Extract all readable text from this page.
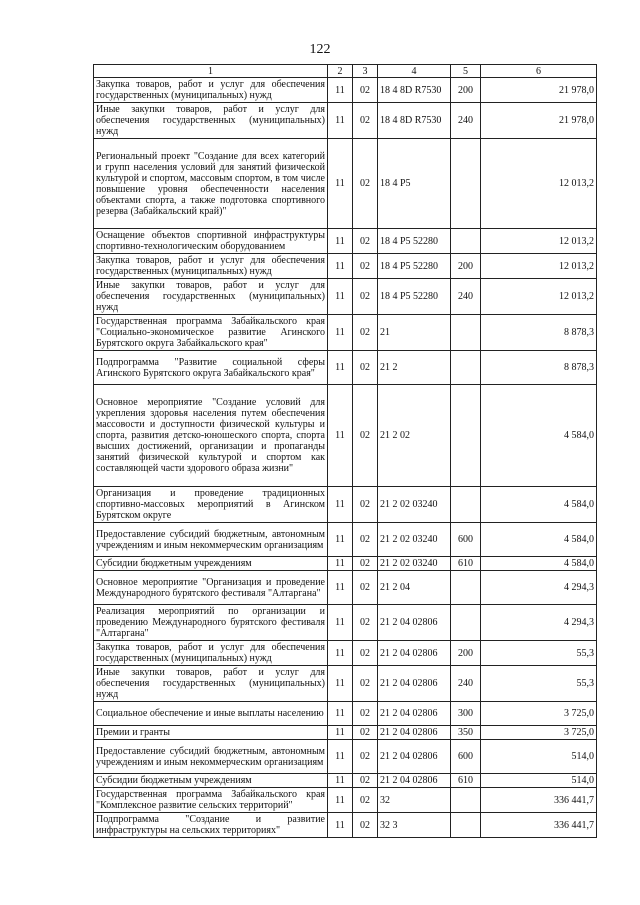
122
1	2	3	4	5	6
Закупка товаров, работ и услуг для обеспечения государственных (муниципальных) нужд	11	02	18 4 8D R7530	200	21 978,0
Иные закупки товаров, работ и услуг для обеспечения государственных (муниципальных) нужд	11	02	18 4 8D R7530	240	21 978,0
Региональный проект "Создание для всех категорий и групп населения условий для занятий физической культурой и спортом, массовым спортом, в том числе повышение уровня обеспеченности населения объектами спорта, а также подготовка спортивного резерва (Забайкальский край)"	11	02	18 4 P5		12 013,2
Оснащение объектов спортивной инфраструктуры спортивно-технологическим оборудованием	11	02	18 4 P5 52280		12 013,2
Закупка товаров, работ и услуг для обеспечения государственных (муниципальных) нужд	11	02	18 4 P5 52280	200	12 013,2
Иные закупки товаров, работ и услуг для обеспечения государственных (муниципальных) нужд	11	02	18 4 P5 52280	240	12 013,2
Государственная программа Забайкальского края "Социально-экономическое развитие Агинского Бурятского округа Забайкальского края"	11	02	21		8 878,3
Подпрограмма "Развитие социальной сферы Агинского Бурятского округа Забайкальского края"	11	02	21 2		8 878,3
Основное мероприятие "Создание условий для укрепления здоровья населения путем обеспечения массовости и доступности физической культуры и спорта, развития детско-юношеского спорта, спорта высших достижений, организации и пропаганды занятий физической культурой и спортом как составляющей части здорового образа жизни"	11	02	21 2 02		4 584,0
Организация и проведение традиционных спортивно-массовых мероприятий в Агинском Бурятском округе	11	02	21 2 02 03240		4 584,0
Предоставление субсидий бюджетным, автономным учреждениям и иным некоммерческим организациям	11	02	21 2 02 03240	600	4 584,0
Субсидии бюджетным учреждениям	11	02	21 2 02 03240	610	4 584,0
Основное мероприятие "Организация и проведение Международного бурятского фестиваля "Алтаргана"	11	02	21 2 04		4 294,3
Реализация мероприятий по организации и проведению Международного бурятского фестиваля "Алтаргана"	11	02	21 2 04 02806		4 294,3
Закупка товаров, работ и услуг для обеспечения государственных (муниципальных) нужд	11	02	21 2 04 02806	200	55,3
Иные закупки товаров, работ и услуг для обеспечения государственных (муниципальных) нужд	11	02	21 2 04 02806	240	55,3
Социальное обеспечение и иные выплаты населению	11	02	21 2 04 02806	300	3 725,0
Премии и гранты	11	02	21 2 04 02806	350	3 725,0
Предоставление субсидий бюджетным, автономным учреждениям и иным некоммерческим организациям	11	02	21 2 04 02806	600	514,0
Субсидии бюджетным учреждениям	11	02	21 2 04 02806	610	514,0
Государственная программа Забайкальского края "Комплексное развитие сельских территорий"	11	02	32		336 441,7
Подпрограмма "Создание и развитие инфраструктуры на сельских территориях"	11	02	32 3		336 441,7
